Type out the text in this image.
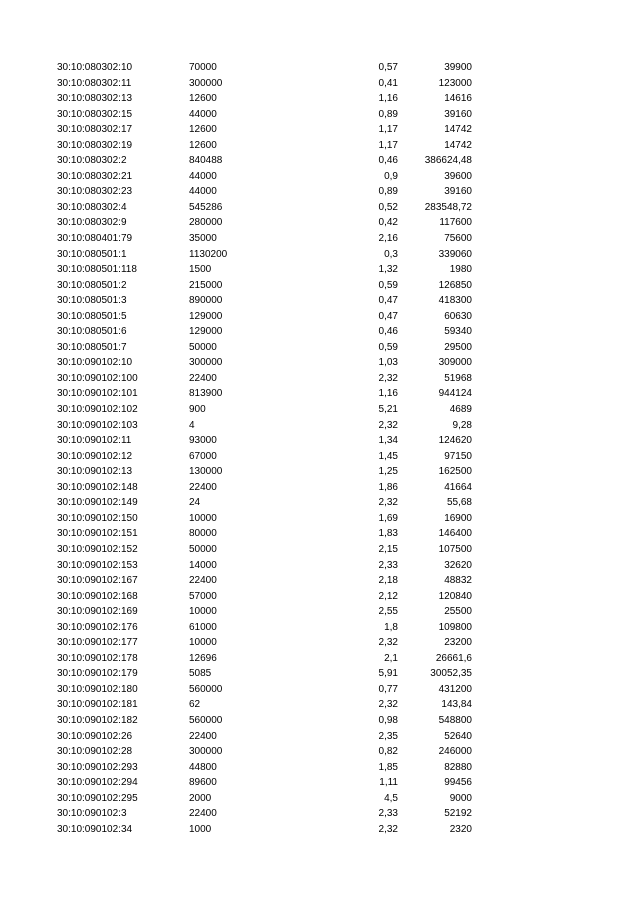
30:10:080302:10	70000	0,57	39900
30:10:080302:11	300000	0,41	123000
30:10:080302:13	12600	1,16	14616
30:10:080302:15	44000	0,89	39160
30:10:080302:17	12600	1,17	14742
30:10:080302:19	12600	1,17	14742
30:10:080302:2	840488	0,46	386624,48
30:10:080302:21	44000	0,9	39600
30:10:080302:23	44000	0,89	39160
30:10:080302:4	545286	0,52	283548,72
30:10:080302:9	280000	0,42	117600
30:10:080401:79	35000	2,16	75600
30:10:080501:1	1130200	0,3	339060
30:10:080501:118	1500	1,32	1980
30:10:080501:2	215000	0,59	126850
30:10:080501:3	890000	0,47	418300
30:10:080501:5	129000	0,47	60630
30:10:080501:6	129000	0,46	59340
30:10:080501:7	50000	0,59	29500
30:10:090102:10	300000	1,03	309000
30:10:090102:100	22400	2,32	51968
30:10:090102:101	813900	1,16	944124
30:10:090102:102	900	5,21	4689
30:10:090102:103	4	2,32	9,28
30:10:090102:11	93000	1,34	124620
30:10:090102:12	67000	1,45	97150
30:10:090102:13	130000	1,25	162500
30:10:090102:148	22400	1,86	41664
30:10:090102:149	24	2,32	55,68
30:10:090102:150	10000	1,69	16900
30:10:090102:151	80000	1,83	146400
30:10:090102:152	50000	2,15	107500
30:10:090102:153	14000	2,33	32620
30:10:090102:167	22400	2,18	48832
30:10:090102:168	57000	2,12	120840
30:10:090102:169	10000	2,55	25500
30:10:090102:176	61000	1,8	109800
30:10:090102:177	10000	2,32	23200
30:10:090102:178	12696	2,1	26661,6
30:10:090102:179	5085	5,91	30052,35
30:10:090102:180	560000	0,77	431200
30:10:090102:181	62	2,32	143,84
30:10:090102:182	560000	0,98	548800
30:10:090102:26	22400	2,35	52640
30:10:090102:28	300000	0,82	246000
30:10:090102:293	44800	1,85	82880
30:10:090102:294	89600	1,11	99456
30:10:090102:295	2000	4,5	9000
30:10:090102:3	22400	2,33	52192
30:10:090102:34	1000	2,32	2320
